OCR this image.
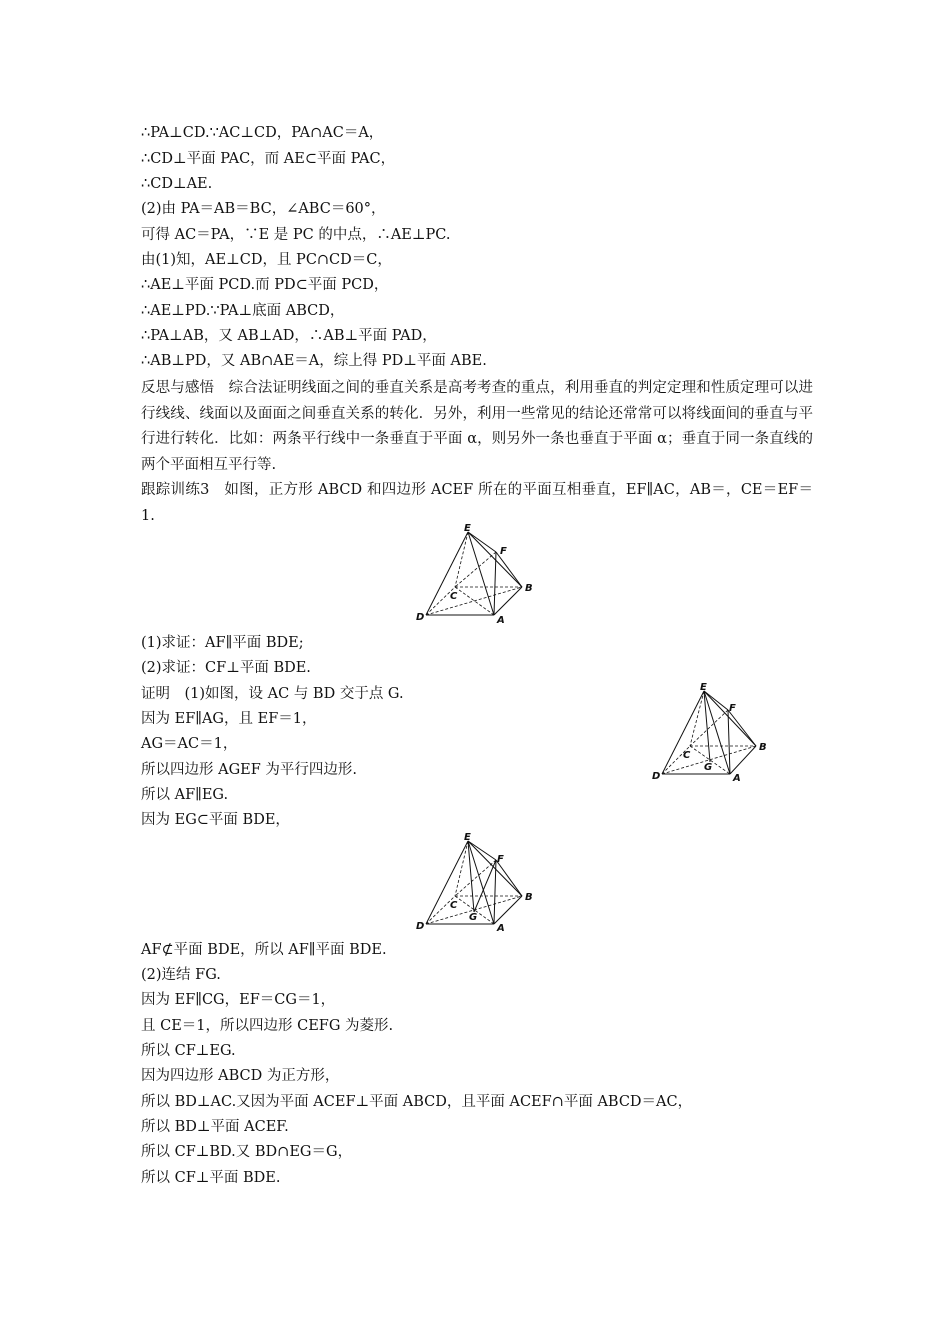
∴PA⊥CD.∵AC⊥CD，PA∩AC＝A，
∴CD⊥平面 PAC，而 AE⊂平面 PAC，
∴CD⊥AE.
(2)由 PA＝AB＝BC，∠ABC＝60°，
可得 AC＝PA，∵E 是 PC 的中点，∴AE⊥PC.
由(1)知，AE⊥CD，且 PC∩CD＝C，
∴AE⊥平面 PCD.而 PD⊂平面 PCD，
∴AE⊥PD.∵PA⊥底面 ABCD，
∴PA⊥AB，又 AB⊥AD，∴AB⊥平面 PAD，
∴AB⊥PD，又 AB∩AE＝A，综上得 PD⊥平面 ABE.
反思与感悟　综合法证明线面之间的垂直关系是高考考查的重点，利用垂直的判定定理和性质定理可以进行线线、线面以及面面之间垂直关系的转化．另外，利用一些常见的结论还常常可以将线面间的垂直与平行进行转化．比如：两条平行线中一条垂直于平面 α，则另外一条也垂直于平面 α；垂直于同一条直线的两个平面相互平行等.
跟踪训练3　如图，正方形 ABCD 和四边形 ACEF 所在的平面互相垂直，EF∥AC，AB＝，CE＝EF＝1.
E
F
B
C
D	A
(1)求证：AF∥平面 BDE;
(2)求证：CF⊥平面 BDE.
证明　(1)如图，设 AC 与 BD 交于点 G.
因为 EF∥AG，且 EF＝1，
AG＝AC＝1，
所以四边形 AGEF 为平行四边形.
所以 AF∥EG.
因为 EG⊂平面 BDE，
E
F
B
C
G
D	A
E
F
B
C
G
D	A
AF⊄平面 BDE，所以 AF∥平面 BDE.
(2)连结 FG.
因为 EF∥CG，EF＝CG＝1，
且 CE＝1，所以四边形 CEFG 为菱形.
所以 CF⊥EG.
因为四边形 ABCD 为正方形，
所以 BD⊥AC.又因为平面 ACEF⊥平面 ABCD，且平面 ACEF∩平面 ABCD＝AC，
所以 BD⊥平面 ACEF.
所以 CF⊥BD.又 BD∩EG＝G，
所以 CF⊥平面 BDE.
